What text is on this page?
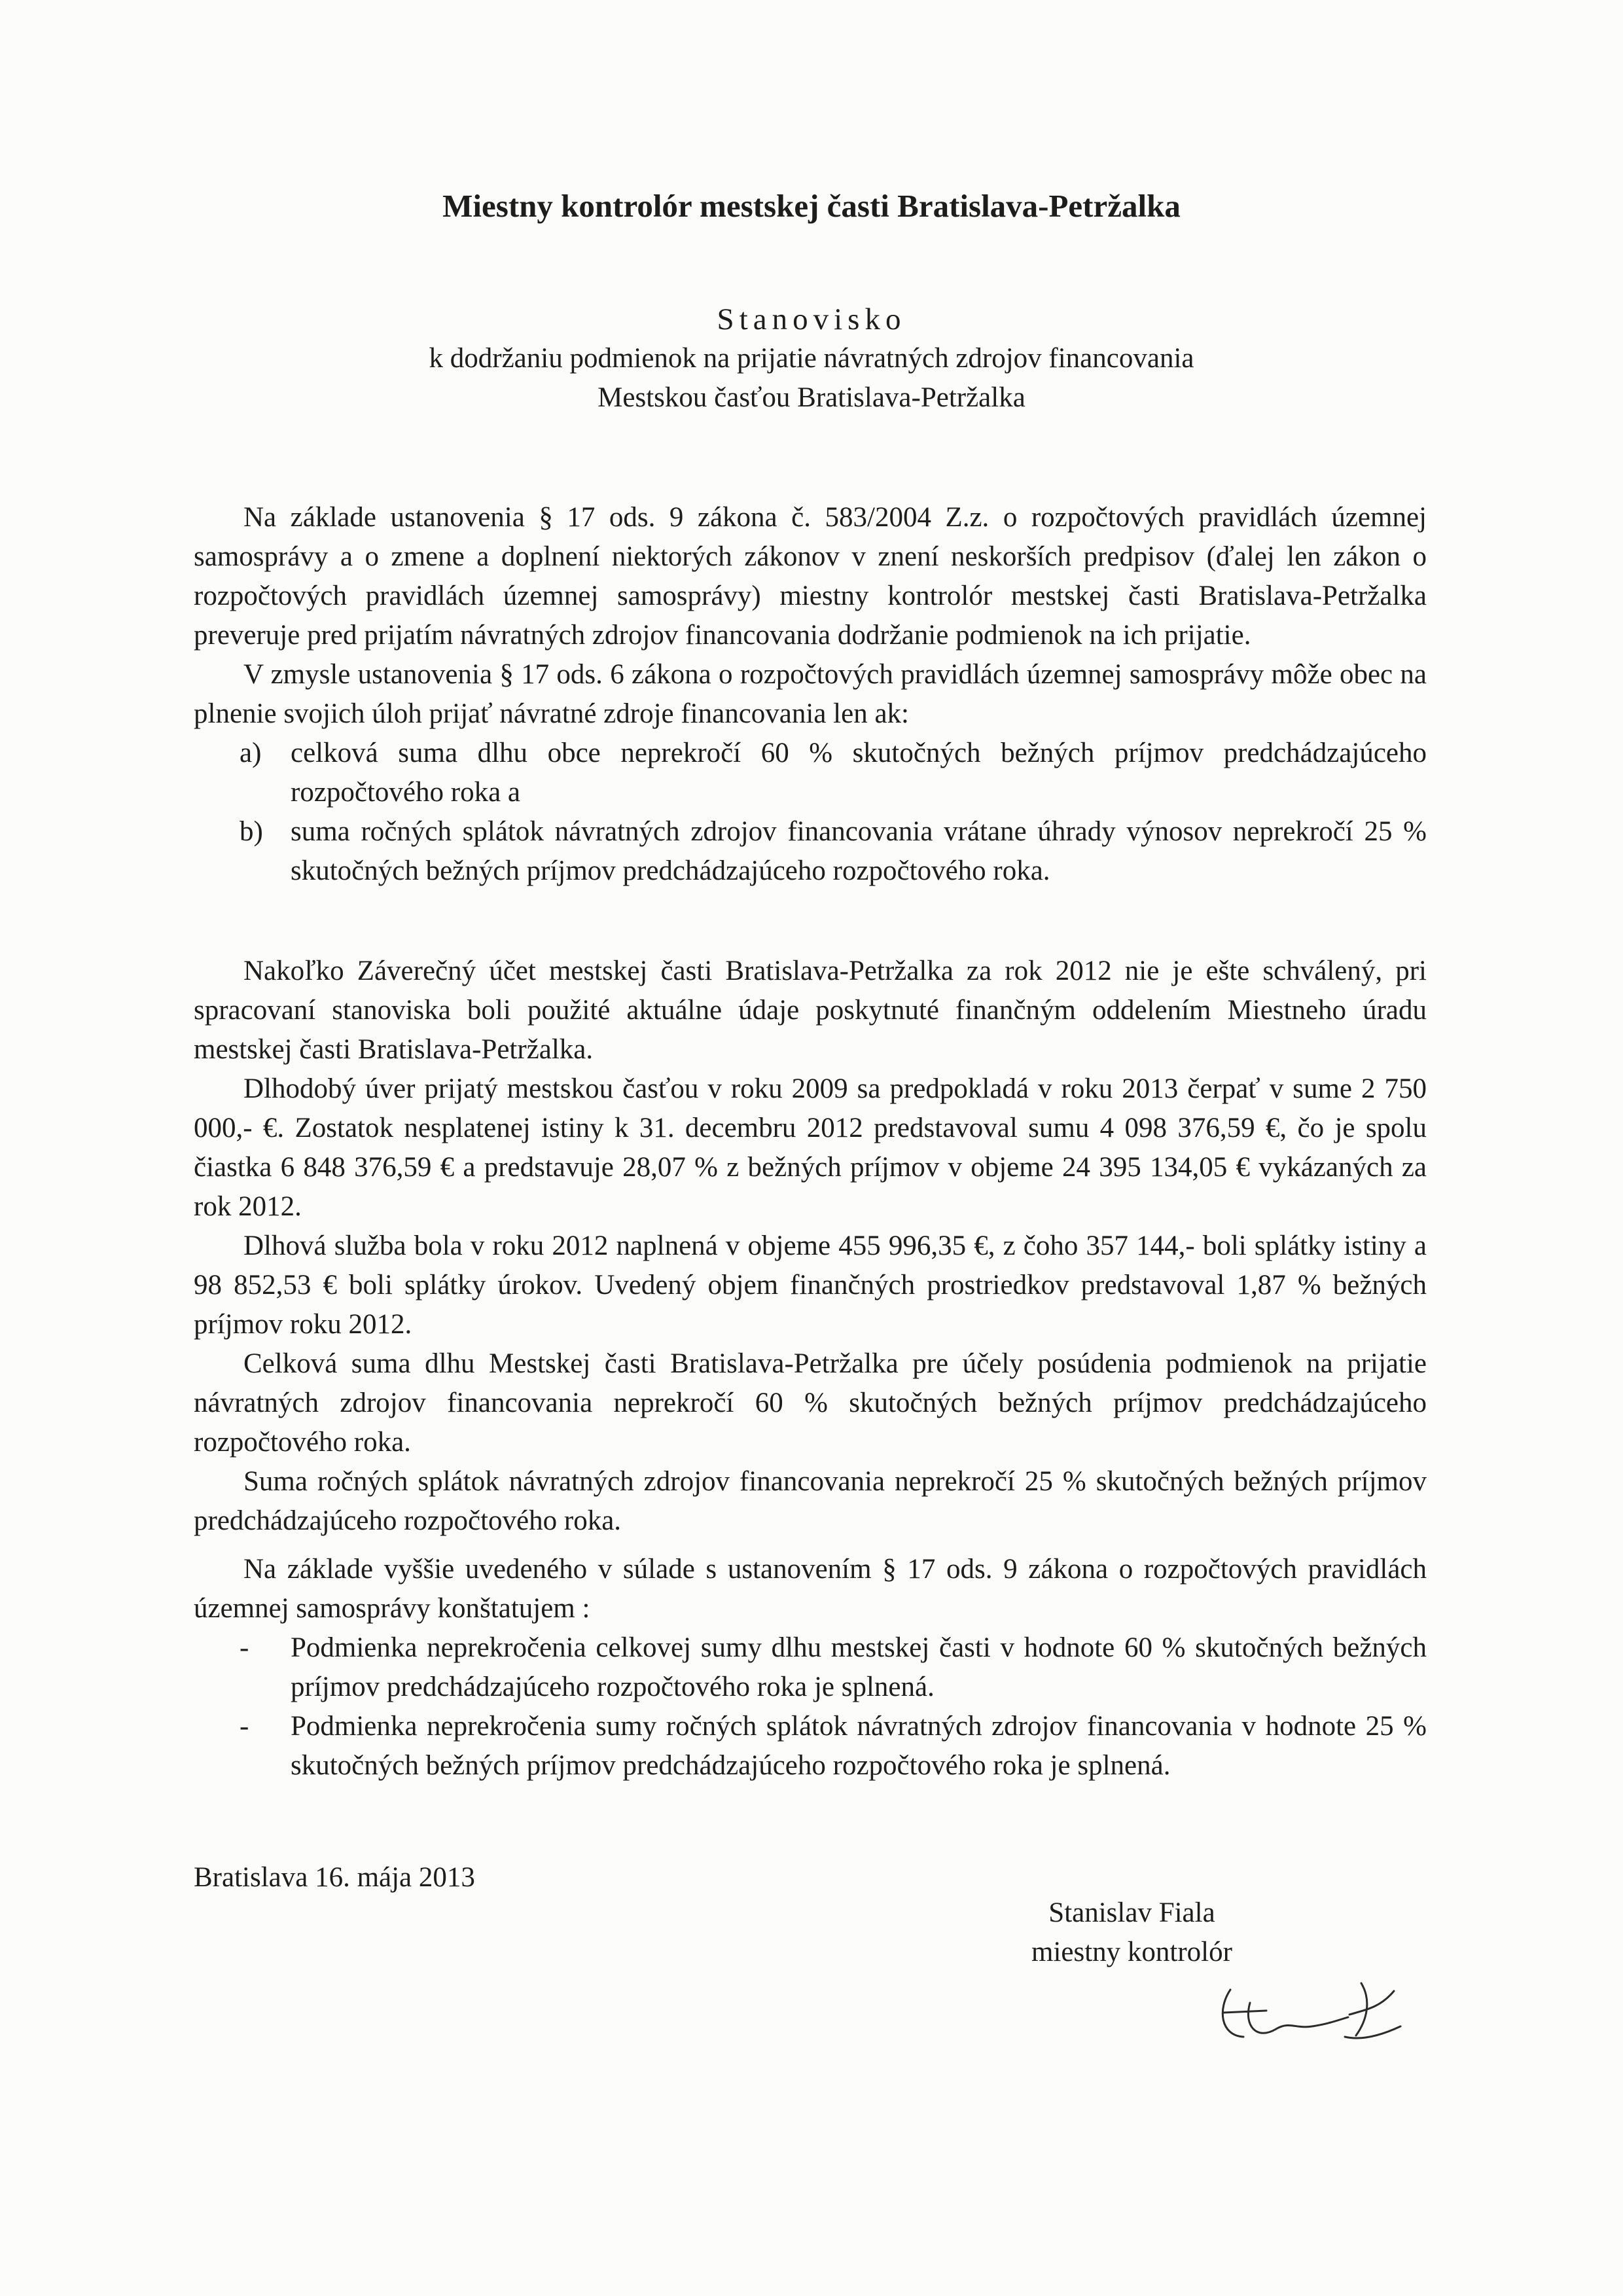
Miestny kontrolór mestskej časti Bratislava-Petržalka
Stanovisko
k dodržaniu podmienok na prijatie návratných zdrojov financovania
Mestskou časťou Bratislava-Petržalka

Na základe ustanovenia § 17 ods. 9 zákona č. 583/2004 Z.z. o rozpočtových pravidlách územnej samosprávy a o zmene a doplnení niektorých zákonov v znení neskorších predpisov (ďalej len zákon o rozpočtových pravidlách územnej samosprávy) miestny kontrolór mestskej časti Bratislava-Petržalka preveruje pred prijatím návratných zdrojov financovania dodržanie podmienok na ich prijatie.

V zmysle ustanovenia § 17 ods. 6 zákona o rozpočtových pravidlách územnej samosprávy môže obec na plnenie svojich úloh prijať návratné zdroje financovania len ak:

a) celková suma dlhu obce neprekročí 60 % skutočných bežných príjmov predchádzajúceho rozpočtového roka a
b) suma ročných splátok návratných zdrojov financovania vrátane úhrady výnosov neprekročí 25 % skutočných bežných príjmov predchádzajúceho rozpočtového roka.

Nakoľko Záverečný účet mestskej časti Bratislava-Petržalka za rok 2012 nie je ešte schválený, pri spracovaní stanoviska boli použité aktuálne údaje poskytnuté finančným oddelením Miestneho úradu mestskej časti Bratislava-Petržalka.

Dlhodobý úver prijatý mestskou časťou v roku 2009 sa predpokladá v roku 2013 čerpať v sume 2 750 000,- €. Zostatok nesplatenej istiny k 31. decembru 2012 predstavoval sumu 4 098 376,59 €, čo je spolu čiastka 6 848 376,59 € a predstavuje 28,07 % z bežných príjmov v objeme 24 395 134,05 € vykázaných za rok 2012.

Dlhová služba bola v roku 2012 naplnená v objeme 455 996,35 €, z čoho 357 144,- boli splátky istiny a 98 852,53 € boli splátky úrokov. Uvedený objem finančných prostriedkov predstavoval 1,87 % bežných príjmov roku 2012.

Celková suma dlhu Mestskej časti Bratislava-Petržalka pre účely posúdenia podmienok na prijatie návratných zdrojov financovania neprekročí 60 % skutočných bežných príjmov predchádzajúceho rozpočtového roka.

Suma ročných splátok návratných zdrojov financovania neprekročí 25 % skutočných bežných príjmov predchádzajúceho rozpočtového roka.

Na základe vyššie uvedeného v súlade s ustanovením § 17 ods. 9 zákona o rozpočtových pravidlách územnej samosprávy konštatujem :

- Podmienka neprekročenia celkovej sumy dlhu mestskej časti v hodnote 60 % skutočných bežných príjmov predchádzajúceho rozpočtového roka je splnená.
- Podmienka neprekročenia sumy ročných splátok návratných zdrojov financovania v hodnote 25 % skutočných bežných príjmov predchádzajúceho rozpočtového roka je splnená.
Bratislava 16. mája 2013
Stanislav Fiala
miestny kontrolór
